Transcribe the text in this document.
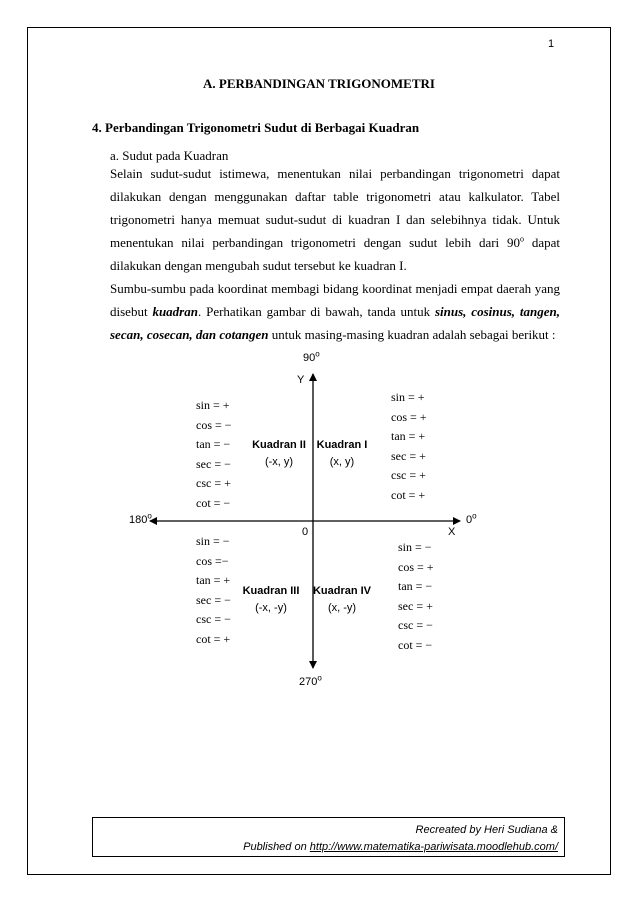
1
A. PERBANDINGAN TRIGONOMETRI
4. Perbandingan Trigonometri Sudut di Berbagai Kuadran
a. Sudut pada Kuadran
Selain sudut-sudut istimewa, menentukan nilai perbandingan trigonometri dapat
dilakukan dengan menggunakan daftar table trigonometri atau kalkulator. Tabel
trigonometri hanya memuat sudut-sudut di kuadran I dan selebihnya tidak. Untuk
menentukan nilai perbandingan trigonometri dengan sudut lebih dari 90$^o$ dapat
dilakukan dengan mengubah sudut tersebut ke kuadran I.
Sumbu-sumbu pada koordinat membagi bidang koordinat menjadi empat daerah yang
disebut kuadran. Perhatikan gambar di bawah, tanda untuk sinus, cosinus, tangen,
secan, cosecan, dan cotangen untuk masing-masing kuadran adalah sebagai berikut :
90$^o$
Y
180$^o$	0$^o$
X
0
270$^o$
Kuadran II
(-x, y)
Kuadran I
(x, y)
Kuadran III
(-x, -y)
Kuadran IV
(x, -y)
sin = +
cos = −
tan = −
sec = −
csc = +
cot = −
sin = +
cos = +
tan = +
sec = +
csc = +
cot = +
sin = −
cos =−
tan = +
sec = −
csc = −
cot = +
sin = −
cos = +
tan = −
sec = +
csc = −
cot = −
Recreated by Heri Sudiana &
Published on http://www.matematika-pariwisata.moodlehub.com/
